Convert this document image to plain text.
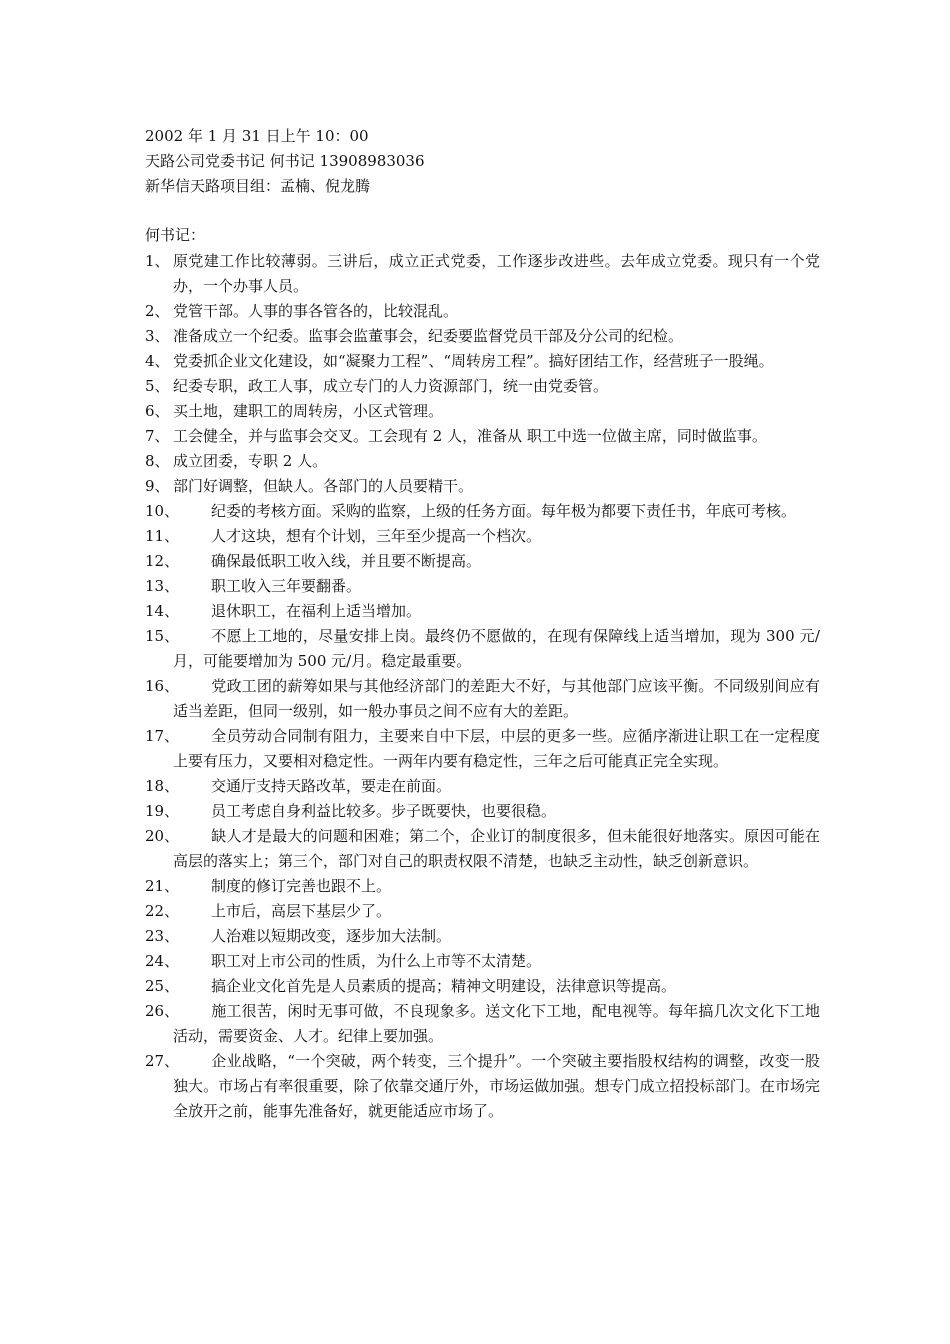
2002 年 1 月 31 日上午 10：00
天路公司党委书记 何书记 13908983036
新华信天路项目组：孟楠、倪龙腾
何书记：
1、 原党建工作比较薄弱。三讲后，成立正式党委，工作逐步改进些。去年成立党委。现只有一个党办，一个办事人员。
2、 党管干部。人事的事各管各的，比较混乱。
3、 准备成立一个纪委。监事会监董事会，纪委要监督党员干部及分公司的纪检。
4、 党委抓企业文化建设，如“凝聚力工程”、“周转房工程”。搞好团结工作，经营班子一股绳。
5、 纪委专职，政工人事，成立专门的人力资源部门，统一由党委管。
6、 买土地，建职工的周转房，小区式管理。
7、 工会健全，并与监事会交叉。工会现有 2 人，准备从 职工中选一位做主席，同时做监事。
8、 成立团委，专职 2 人。
9、 部门好调整，但缺人。各部门的人员要精干。
10、 纪委的考核方面。采购的监察，上级的任务方面。每年极为都要下责任书，年底可考核。
11、 人才这块，想有个计划，三年至少提高一个档次。
12、 确保最低职工收入线，并且要不断提高。
13、 职工收入三年要翻番。
14、 退休职工，在福利上适当增加。
15、 不愿上工地的，尽量安排上岗。最终仍不愿做的，在现有保障线上适当增加，现为 300 元/月，可能要增加为 500 元/月。稳定最重要。
16、 党政工团的薪筹如果与其他经济部门的差距大不好，与其他部门应该平衡。不同级别间应有适当差距，但同一级别，如一般办事员之间不应有大的差距。
17、 全员劳动合同制有阻力，主要来自中下层，中层的更多一些。应循序渐进让职工在一定程度上要有压力，又要相对稳定性。一两年内要有稳定性，三年之后可能真正完全实现。
18、 交通厅支持天路改革，要走在前面。
19、 员工考虑自身利益比较多。步子既要快，也要很稳。
20、 缺人才是最大的问题和困难；第二个，企业订的制度很多，但未能很好地落实。原因可能在高层的落实上；第三个，部门对自己的职责权限不清楚，也缺乏主动性，缺乏创新意识。
21、 制度的修订完善也跟不上。
22、 上市后，高层下基层少了。
23、 人治难以短期改变，逐步加大法制。
24、 职工对上市公司的性质，为什么上市等不太清楚。
25、 搞企业文化首先是人员素质的提高；精神文明建设，法律意识等提高。
26、 施工很苦，闲时无事可做，不良现象多。送文化下工地，配电视等。每年搞几次文化下工地活动，需要资金、人才。纪律上要加强。
27、 企业战略，“一个突破，两个转变，三个提升”。一个突破主要指股权结构的调整，改变一股独大。市场占有率很重要，除了依靠交通厅外，市场运做加强。想专门成立招投标部门。在市场完全放开之前，能事先准备好，就更能适应市场了。
